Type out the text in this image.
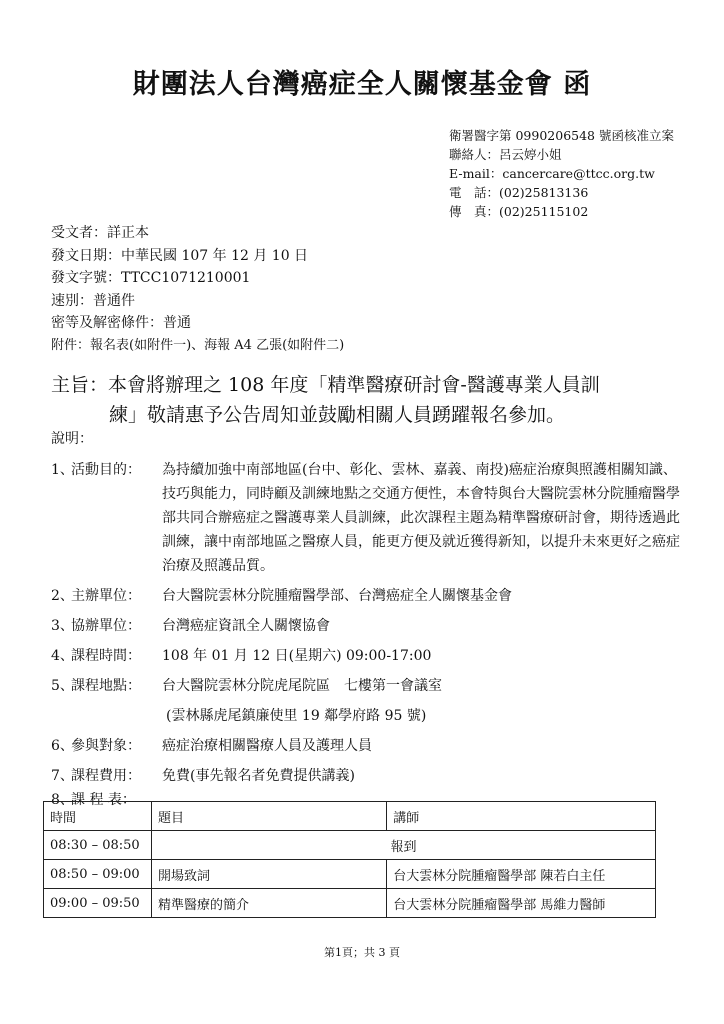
財團法人台灣癌症全人關懷基金會 函
衛署醫字第 0990206548 號函核准立案
聯絡人：呂云婷小姐
E-mail：cancercare@ttcc.org.tw
電　話：(02)25813136
傳　真：(02)25115102
受文者：詳正本
發文日期：中華民國 107 年 12 月 10 日
發文字號：TTCC1071210001
速別：普通件
密等及解密條件：普通
附件：報名表(如附件一)、海報 A4 乙張(如附件二)
主旨：本會將辦理之 108 年度「精準醫療研討會-醫護專業人員訓
練」敬請惠予公告周知並鼓勵相關人員踴躍報名參加。
說明：
1、
活動目的：	為持續加強中南部地區(台中、彰化、雲林、嘉義、南投)癌症治療與照護相關知識、技巧與能力，同時顧及訓練地點之交通方便性，本會特與台大醫院雲林分院腫瘤醫學部共同合辦癌症之醫護專業人員訓練，此次課程主題為精準醫療研討會，期待透過此訓練，讓中南部地區之醫療人員，能更方便及就近獲得新知，以提升未來更好之癌症治療及照護品質。
2、
主辦單位：	台大醫院雲林分院腫瘤醫學部、台灣癌症全人關懷基金會
3、
協辦單位：	台灣癌症資訊全人關懷協會
4、
課程時間：	108 年 01 月 12 日(星期六) 09:00-17:00
5、
課程地點：	台大醫院雲林分院虎尾院區　七樓第一會議室
(雲林縣虎尾鎮廉使里 19 鄰學府路 95 號)
6、
參與對象：	癌症治療相關醫療人員及護理人員
7、
課程費用：	免費(事先報名者免費提供講義)
8、
課 程 表：
時間	題目	講師
08:30 – 08:50	報到	
08:50 – 09:00	開場致詞	台大雲林分院腫瘤醫學部 陳若白主任
09:00 – 09:50	精準醫療的簡介	台大雲林分院腫瘤醫學部 馬維力醫師
第1頁；共 3 頁
